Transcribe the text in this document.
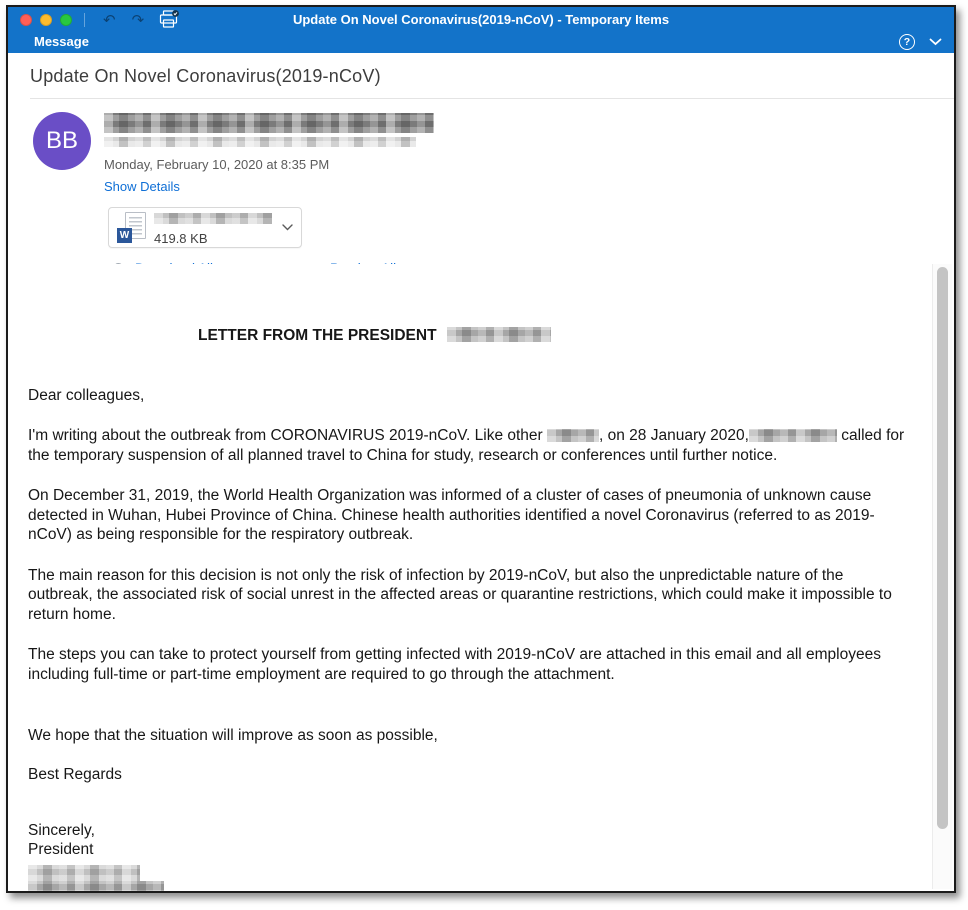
↶	↷	Update On Novel Coronavirus(2019-nCoV) - Temporary Items
Message	?
Update On Novel Coronavirus(2019-nCoV)
BB

Monday, February 10, 2020 at 8:35 PM
Show Details
W 419.8 KB
LETTER FROM THE PRESIDENT
Dear colleagues,
I'm writing about the outbreak from CORONAVIRUS 2019-nCoV. Like other	, on 28 January 2020,	called for the temporary suspension of all planned travel to China for study, research or conferences until further notice.
On December 31, 2019, the World Health Organization was informed of a cluster of cases of pneumonia of unknown cause detected in Wuhan, Hubei Province of China. Chinese health authorities identified a novel Coronavirus (referred to as 2019-nCoV) as being responsible for the respiratory outbreak.
The main reason for this decision is not only the risk of infection by 2019-nCoV, but also the unpredictable nature of the outbreak, the associated risk of social unrest in the affected areas or quarantine restrictions, which could make it impossible to return home.
The steps you can take to protect yourself from getting infected with 2019-nCoV are attached in this email and all employees including full-time or part-time employment are required to go through the attachment.
We hope that the situation will improve as soon as possible,
Best Regards
Sincerely,
President
